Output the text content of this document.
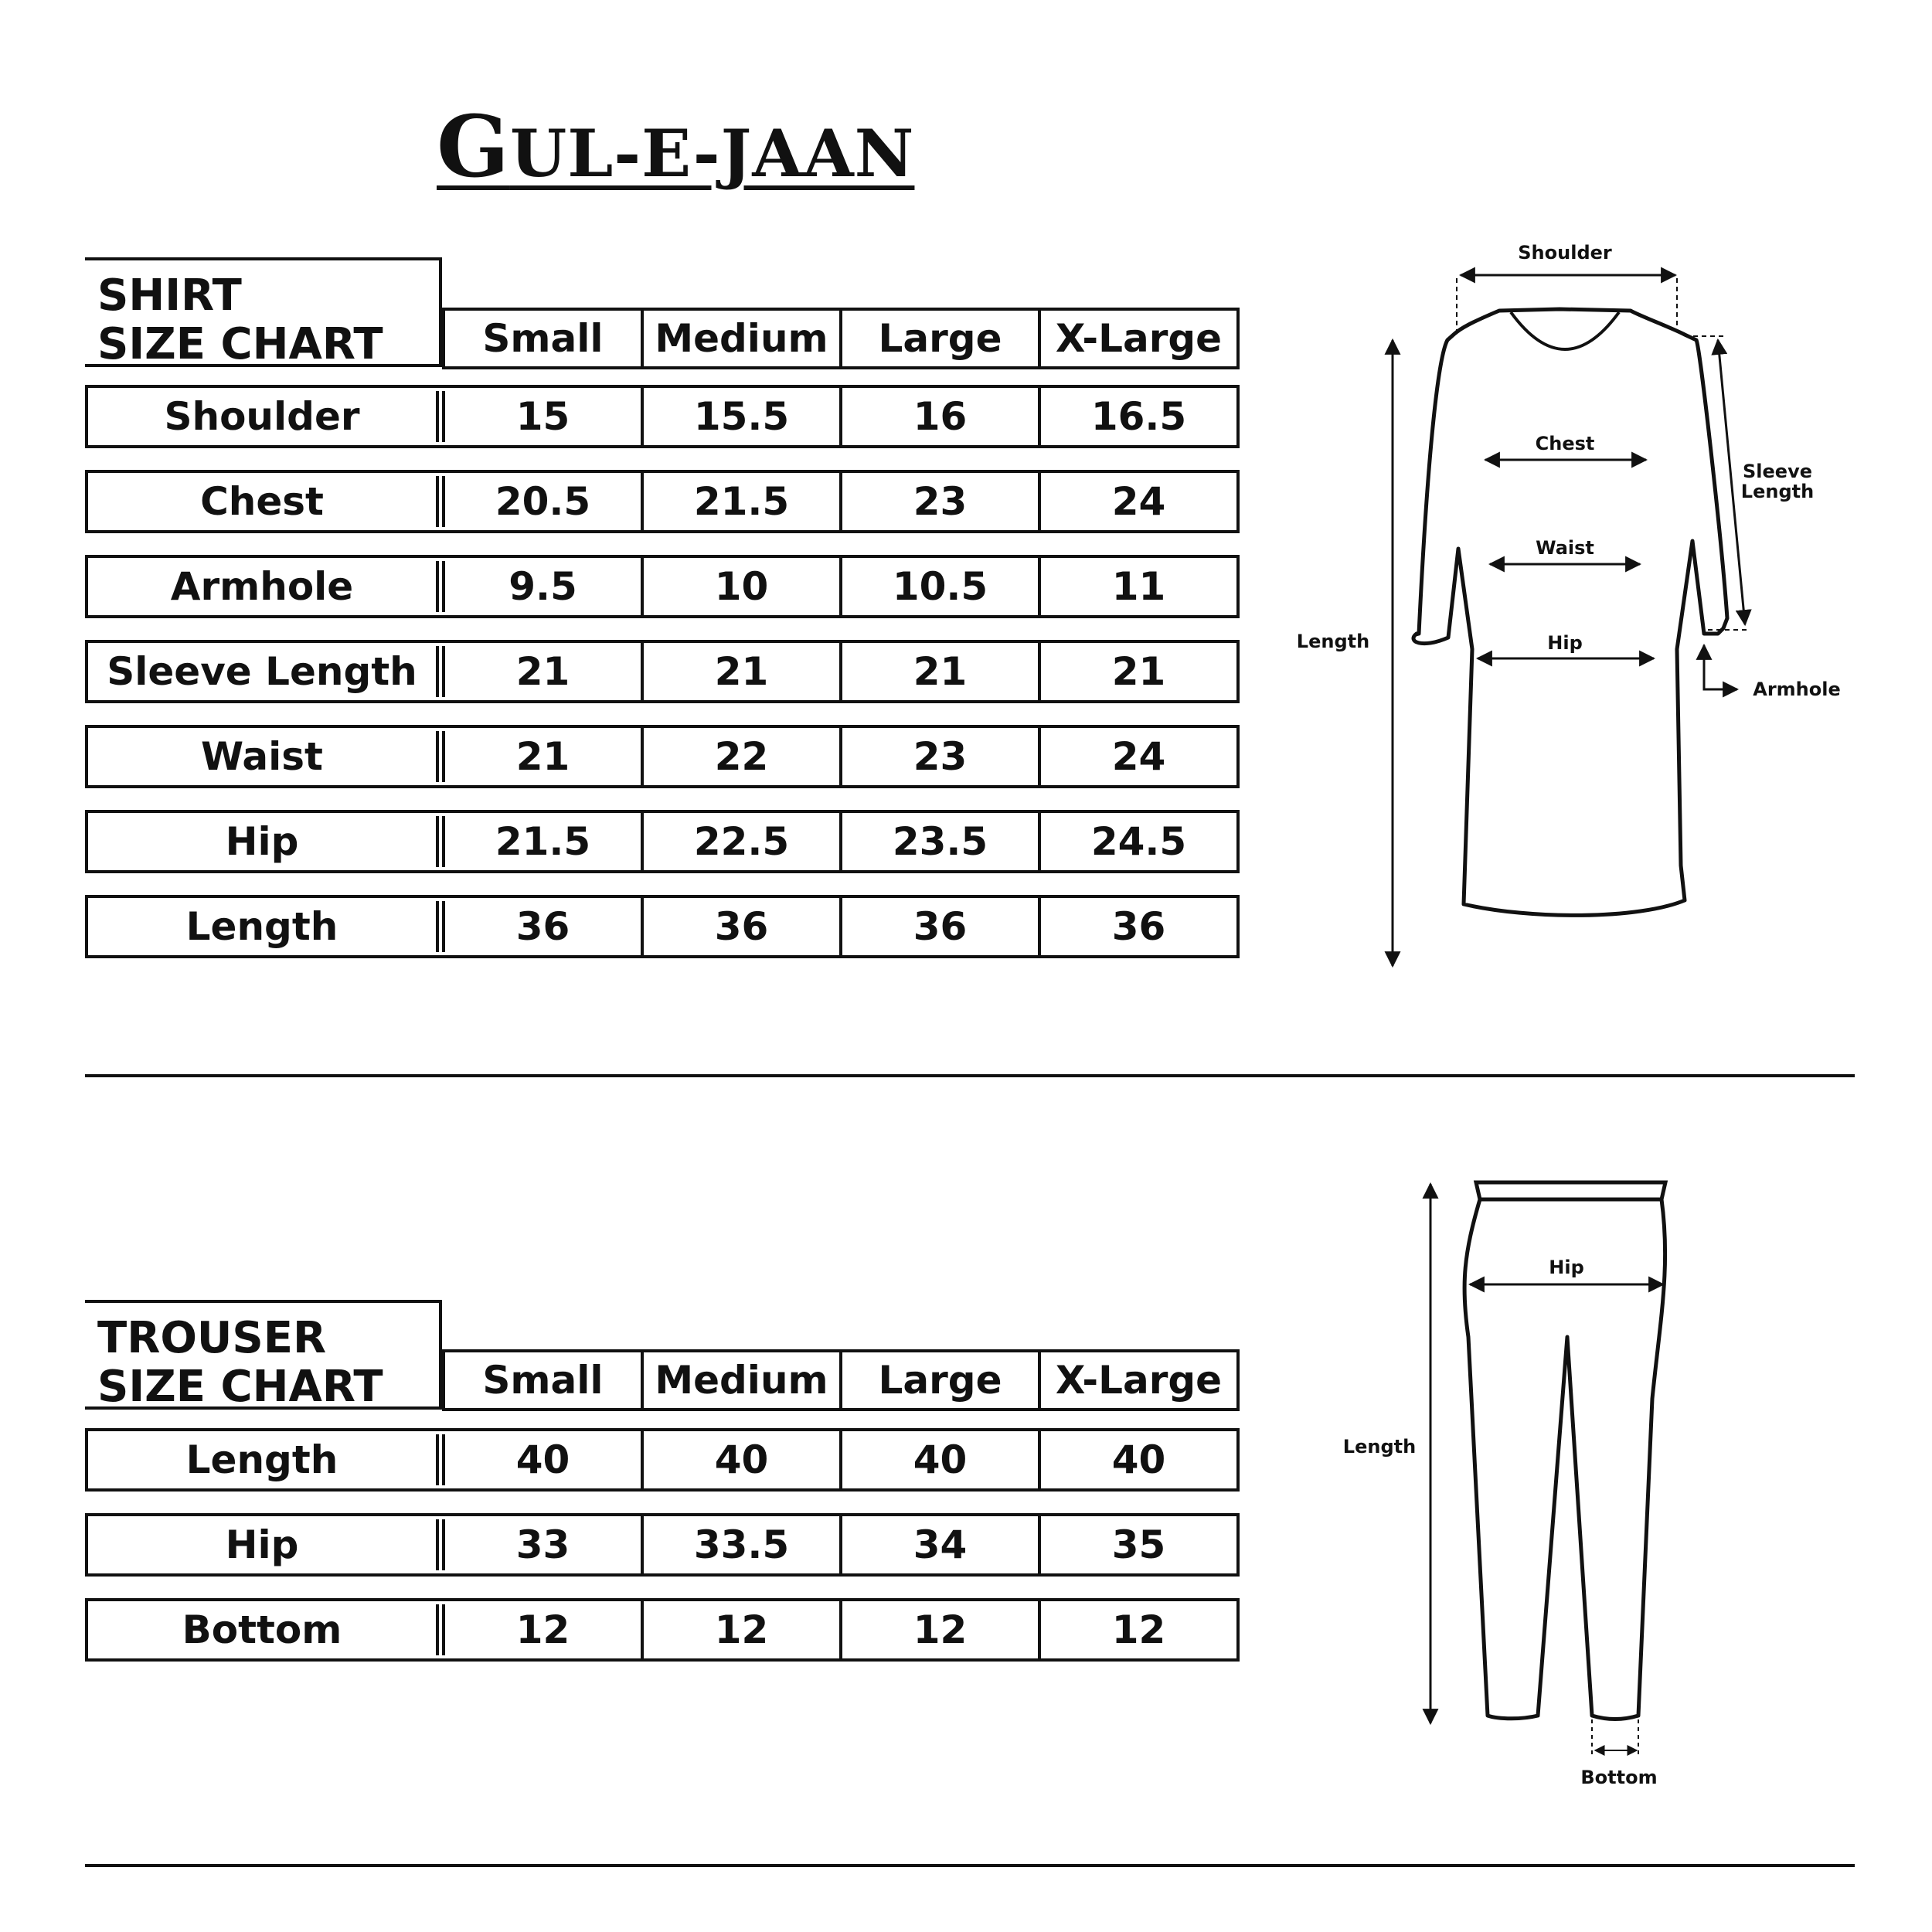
GUL-E-JAAN
SHIRT
SIZE CHART	Small	Medium	Large	X-Large
Shoulder	15	15.5	16	16.5
Chest	20.5	21.5	23	24
Armhole	9.5	10	10.5	11
Sleeve Length	21	21	21	21
Waist	21	22	23	24
Hip	21.5	22.5	23.5	24.5
Length	36	36	36	36
Shoulder
Chest
Waist
Hip
Length
Sleeve
Length
Armhole
TROUSER
SIZE CHART	Small	Medium	Large	X-Large
Length	40	40	40	40
Hip	33	33.5	34	35
Bottom	12	12	12	12
Hip
Length
Bottom
